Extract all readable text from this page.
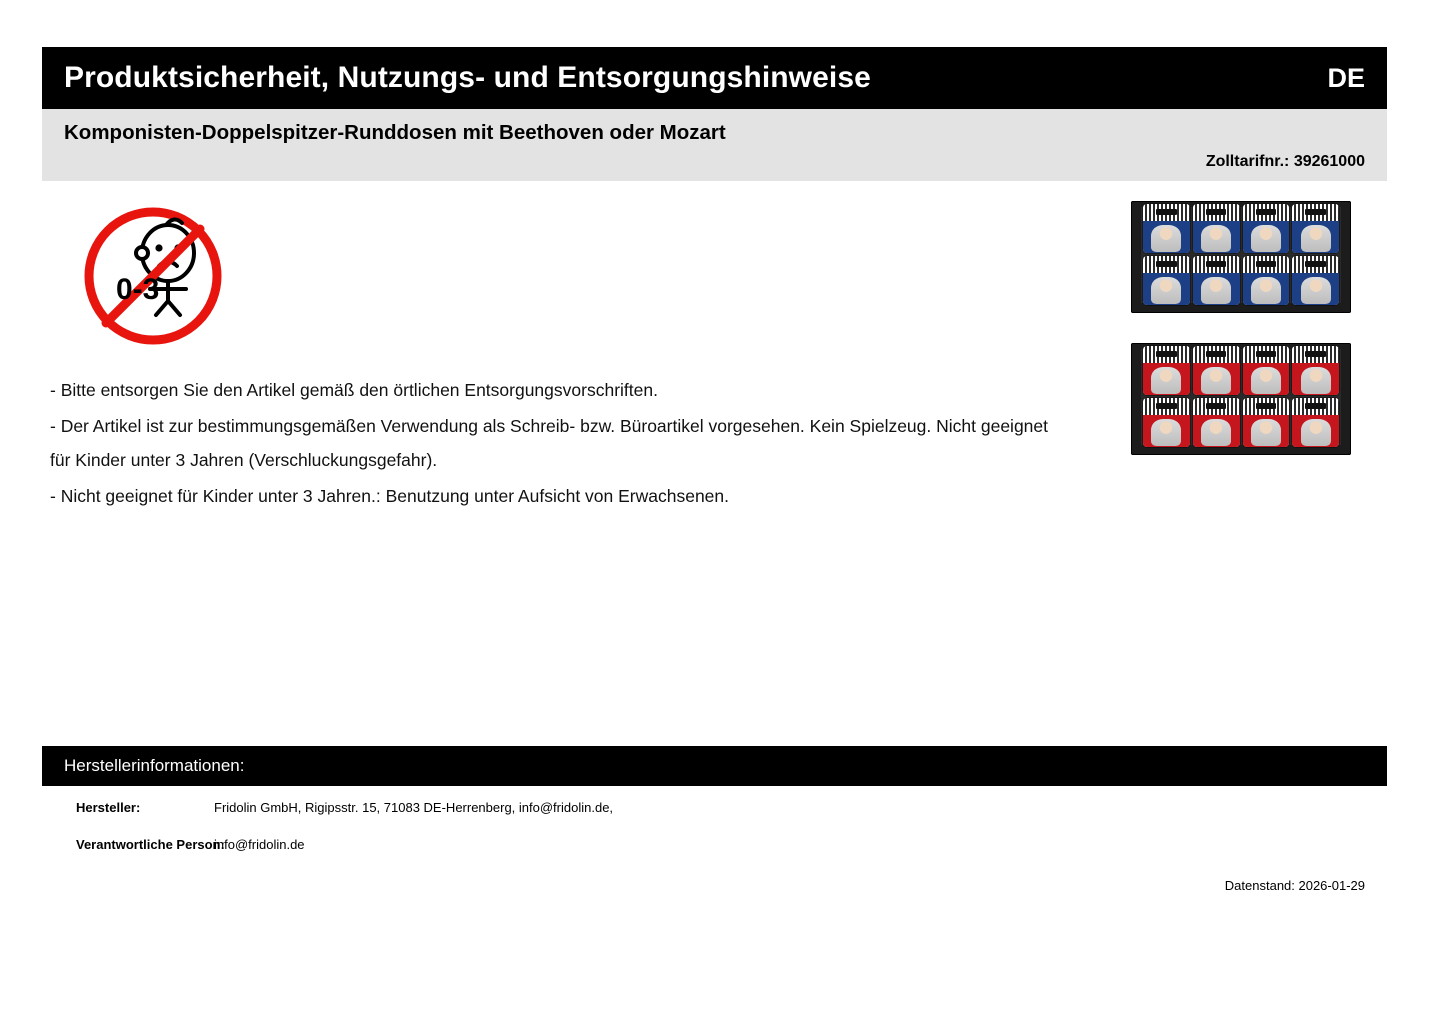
Produktsicherheit, Nutzungs- und Entsorgungshinweise	DE
Komponisten-Doppelspitzer-Runddosen mit Beethoven oder Mozart
Zolltarifnr.: 39261000
0-3

- Bitte entsorgen Sie den Artikel gemäß den örtlichen Entsorgungsvorschriften.

- Der Artikel ist zur bestimmungsgemäßen Verwendung als Schreib- bzw. Büroartikel vorgesehen. Kein Spielzeug. Nicht geeignet für Kinder unter 3 Jahren (Verschluckungsgefahr).

- Nicht geeignet für Kinder unter 3 Jahren.: Benutzung unter Aufsicht von Erwachsenen.

Herstellerinformationen:
Hersteller:	Fridolin GmbH, Rigipsstr. 15, 71083 DE-Herrenberg, info@fridolin.de,
Verantwortliche Person:
info@fridolin.de
Datenstand: 2026-01-29
